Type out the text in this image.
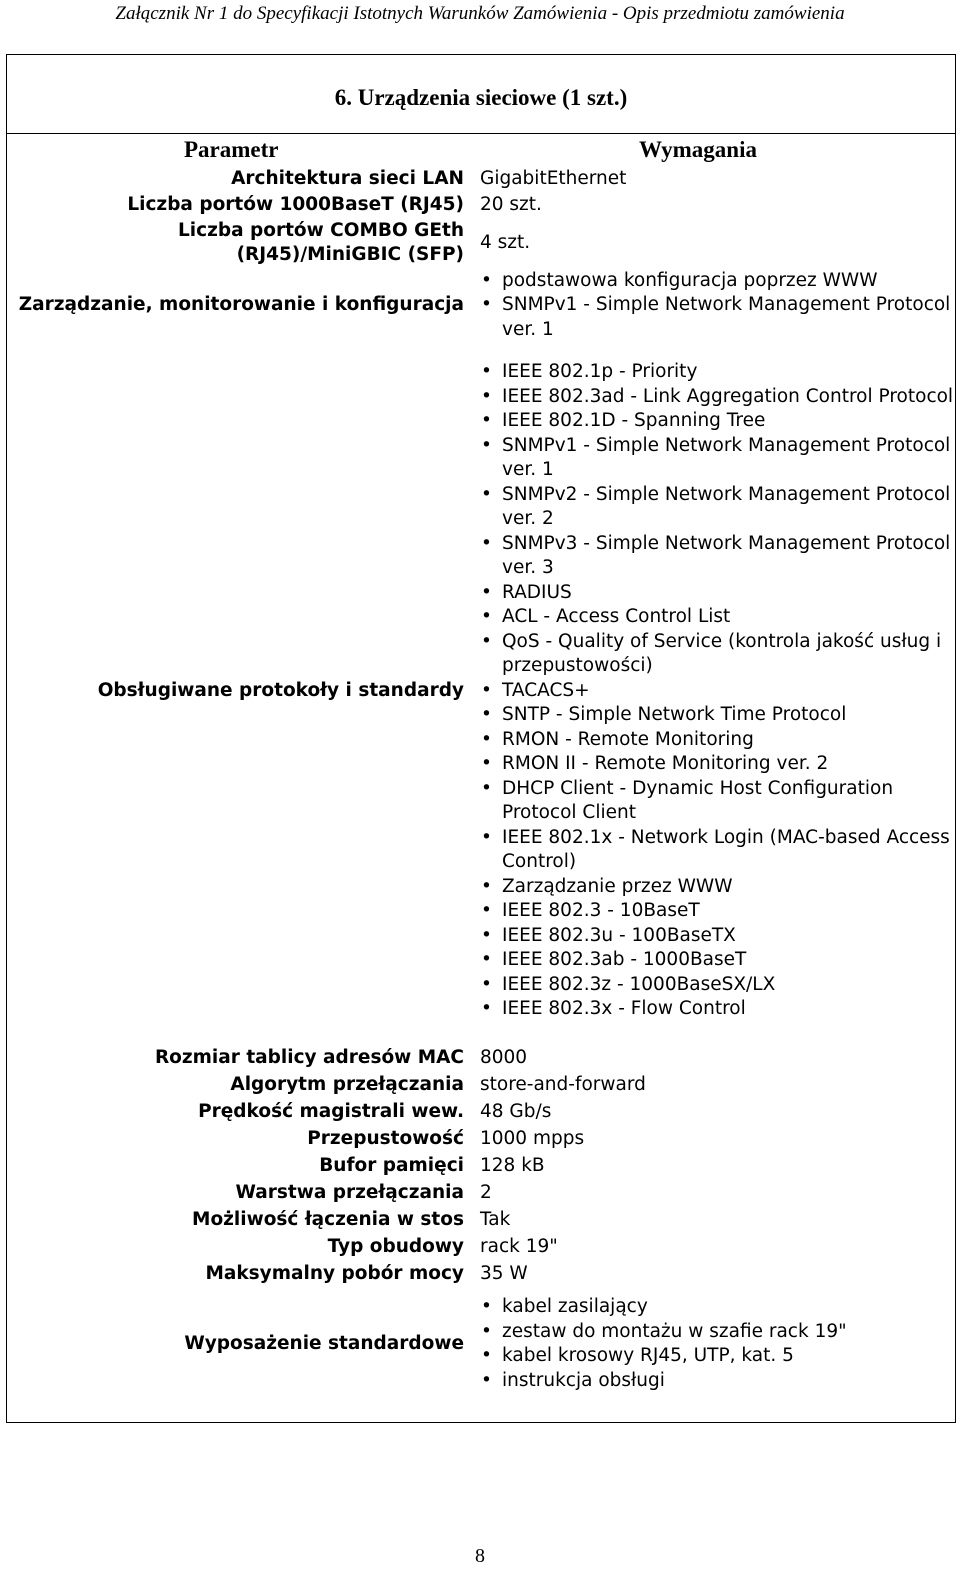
Załącznik Nr 1 do Specyfikacji Istotnych Warunków Zamówienia - Opis przedmiotu zamówienia
6. Urządzenia sieciowe (1 szt.)
Parametr	Wymagania
Architektura sieci LAN GigabitEthernet
Liczba portów 1000BaseT (RJ45) 20 szt.
Liczba portów COMBO GEth
(RJ45)/MiniGBIC (SFP)
4 szt.
Zarządzanie, monitorowanie i konfiguracja
• podstawowa konfiguracja poprzez WWW
• SNMPv1 - Simple Network Management Protocol ver. 1
Obsługiwane protokoły i standardy
• IEEE 802.1p - Priority
• IEEE 802.3ad - Link Aggregation Control Protocol
• IEEE 802.1D - Spanning Tree
• SNMPv1 - Simple Network Management Protocol ver. 1
• SNMPv2 - Simple Network Management Protocol ver. 2
• SNMPv3 - Simple Network Management Protocol ver. 3
• RADIUS
• ACL - Access Control List
• QoS - Quality of Service (kontrola jakość usług i przepustowości)
• TACACS+
• SNTP - Simple Network Time Protocol
• RMON - Remote Monitoring
• RMON II - Remote Monitoring ver. 2
• DHCP Client - Dynamic Host Configuration Protocol Client
• IEEE 802.1x - Network Login (MAC-based Access Control)
• Zarządzanie przez WWW
• IEEE 802.3 - 10BaseT
• IEEE 802.3u - 100BaseTX
• IEEE 802.3ab - 1000BaseT
• IEEE 802.3z - 1000BaseSX/LX
• IEEE 802.3x - Flow Control
Rozmiar tablicy adresów MAC 8000
Algorytm przełączania store-and-forward
Prędkość magistrali wew. 48 Gb/s
Przepustowość 1000 mpps
Bufor pamięci 128 kB
Warstwa przełączania 2
Możliwość łączenia w stos Tak
Typ obudowy rack 19"
Maksymalny pobór mocy 35 W
Wyposażenie standardowe
• kabel zasilający
• zestaw do montażu w szafie rack 19"
• kabel krosowy RJ45, UTP, kat. 5
• instrukcja obsługi
8
